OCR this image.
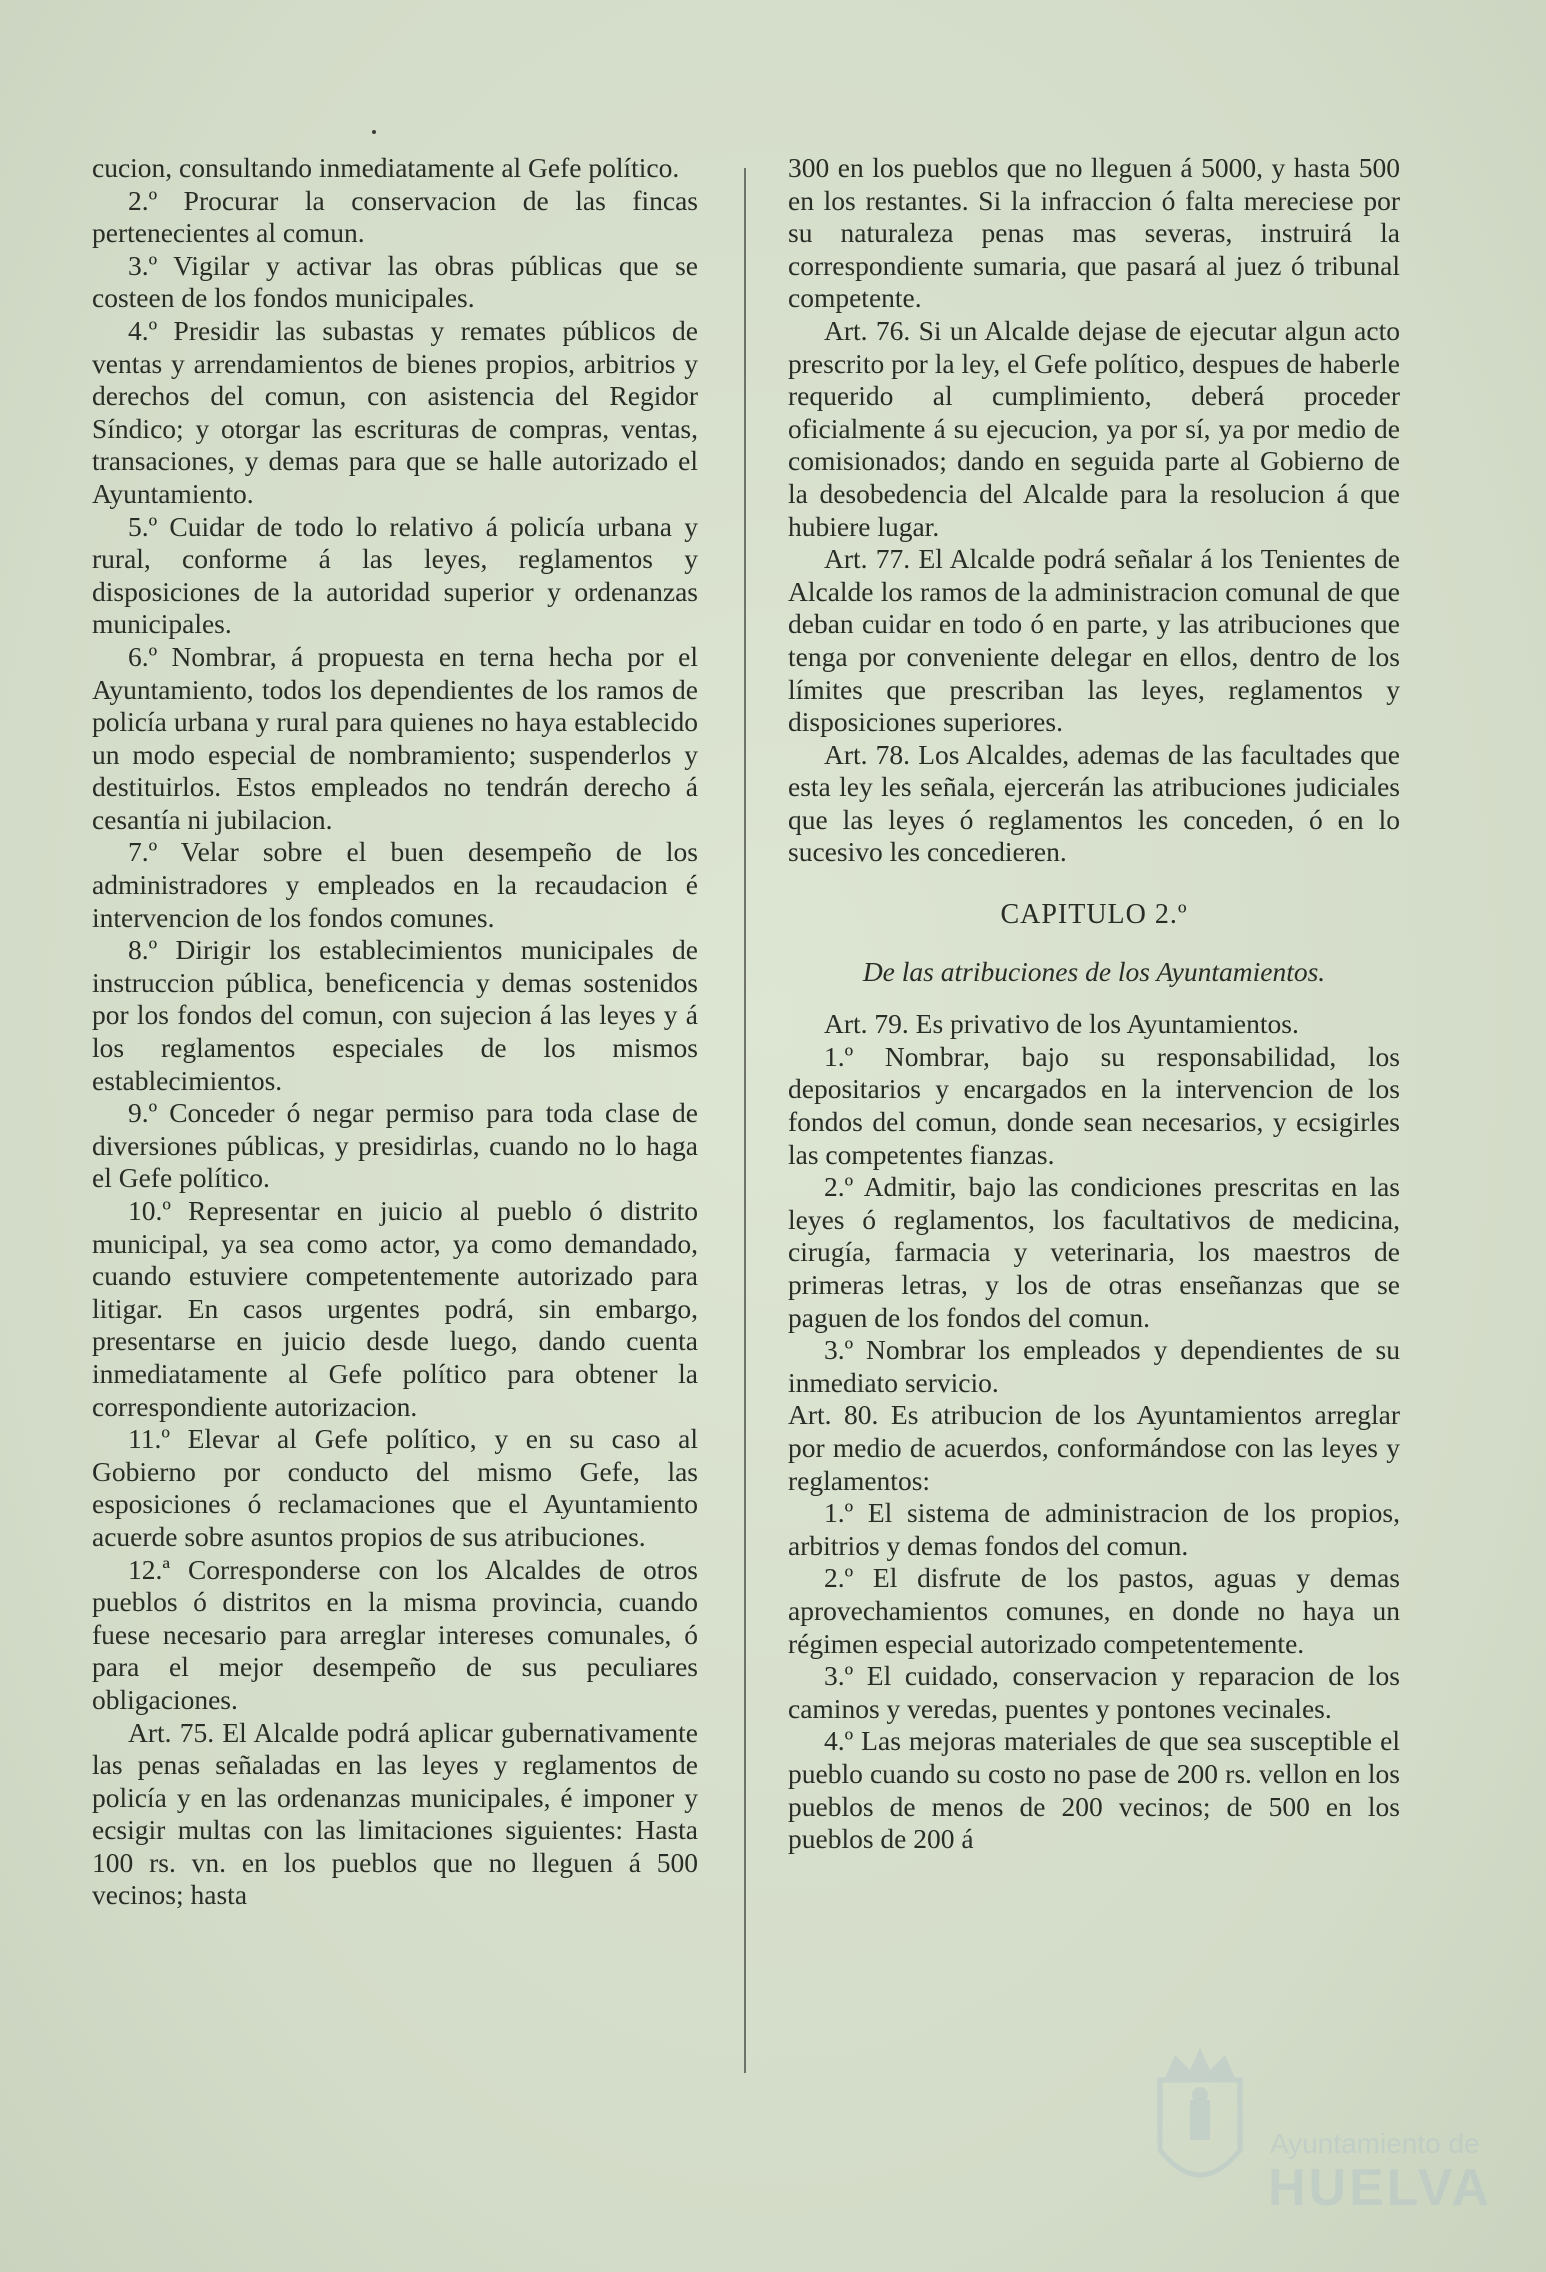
cucion, consultando inmediatamente al Gefe político.

2.º Procurar la conservacion de las fincas pertenecientes al comun.

3.º Vigilar y activar las obras públicas que se costeen de los fondos municipales.

4.º Presidir las subastas y remates públicos de ventas y arrendamientos de bienes propios, arbitrios y derechos del comun, con asistencia del Regidor Síndico; y otorgar las escrituras de compras, ventas, transaciones, y demas para que se halle autorizado el Ayuntamiento.

5.º Cuidar de todo lo relativo á policía urbana y rural, conforme á las leyes, reglamentos y disposiciones de la autoridad superior y ordenanzas municipales.

6.º Nombrar, á propuesta en terna hecha por el Ayuntamiento, todos los dependientes de los ramos de policía urbana y rural para quienes no haya establecido un modo especial de nombramiento; suspenderlos y destituirlos. Estos empleados no tendrán derecho á cesantía ni jubilacion.

7.º Velar sobre el buen desempeño de los administradores y empleados en la recaudacion é intervencion de los fondos comunes.

8.º Dirigir los establecimientos municipales de instruccion pública, beneficencia y demas sostenidos por los fondos del comun, con sujecion á las leyes y á los reglamentos especiales de los mismos establecimientos.

9.º Conceder ó negar permiso para toda clase de diversiones públicas, y presidirlas, cuando no lo haga el Gefe político.

10.º Representar en juicio al pueblo ó distrito municipal, ya sea como actor, ya como demandado, cuando estuviere competentemente autorizado para litigar. En casos urgentes podrá, sin embargo, presentarse en juicio desde luego, dando cuenta inmediatamente al Gefe político para obtener la correspondiente autorizacion.

11.º Elevar al Gefe político, y en su caso al Gobierno por conducto del mismo Gefe, las esposiciones ó reclamaciones que el Ayuntamiento acuerde sobre asuntos propios de sus atribuciones.

12.ª Corresponderse con los Alcaldes de otros pueblos ó distritos en la misma provincia, cuando fuese necesario para arreglar intereses comunales, ó para el mejor desempeño de sus peculiares obligaciones.

Art. 75. El Alcalde podrá aplicar gubernativamente las penas señaladas en las leyes y reglamentos de policía y en las ordenanzas municipales, é imponer y ecsigir multas con las limitaciones siguientes: Hasta 100 rs. vn. en los pueblos que no lleguen á 500 vecinos; hasta

300 en los pueblos que no lleguen á 5000, y hasta 500 en los restantes. Si la infraccion ó falta mereciese por su naturaleza penas mas severas, instruirá la correspondiente sumaria, que pasará al juez ó tribunal competente.

Art. 76. Si un Alcalde dejase de ejecutar algun acto prescrito por la ley, el Gefe político, despues de haberle requerido al cumplimiento, deberá proceder oficialmente á su ejecucion, ya por sí, ya por medio de comisionados; dando en seguida parte al Gobierno de la desobedencia del Alcalde para la resolucion á que hubiere lugar.

Art. 77. El Alcalde podrá señalar á los Tenientes de Alcalde los ramos de la administracion comunal de que deban cuidar en todo ó en parte, y las atribuciones que tenga por conveniente delegar en ellos, dentro de los límites que prescriban las leyes, reglamentos y disposiciones superiores.

Art. 78. Los Alcaldes, ademas de las facultades que esta ley les señala, ejercerán las atribuciones judiciales que las leyes ó reglamentos les conceden, ó en lo sucesivo les concedieren.

CAPITULO 2.º

De las atribuciones de los Ayuntamientos.

Art. 79. Es privativo de los Ayuntamientos.

1.º Nombrar, bajo su responsabilidad, los depositarios y encargados en la intervencion de los fondos del comun, donde sean necesarios, y ecsigirles las competentes fianzas.

2.º Admitir, bajo las condiciones prescritas en las leyes ó reglamentos, los facultativos de medicina, cirugía, farmacia y veterinaria, los maestros de primeras letras, y los de otras enseñanzas que se paguen de los fondos del comun.

3.º Nombrar los empleados y dependientes de su inmediato servicio.

Art. 80. Es atribucion de los Ayuntamientos arreglar por medio de acuerdos, conformándose con las leyes y reglamentos:

1.º El sistema de administracion de los propios, arbitrios y demas fondos del comun.

2.º El disfrute de los pastos, aguas y demas aprovechamientos comunes, en donde no haya un régimen especial autorizado competentemente.

3.º El cuidado, conservacion y reparacion de los caminos y veredas, puentes y pontones vecinales.

4.º Las mejoras materiales de que sea susceptible el pueblo cuando su costo no pase de 200 rs. vellon en los pueblos de menos de 200 vecinos; de 500 en los pueblos de 200 á

Ayuntamiento de
HUELVA
